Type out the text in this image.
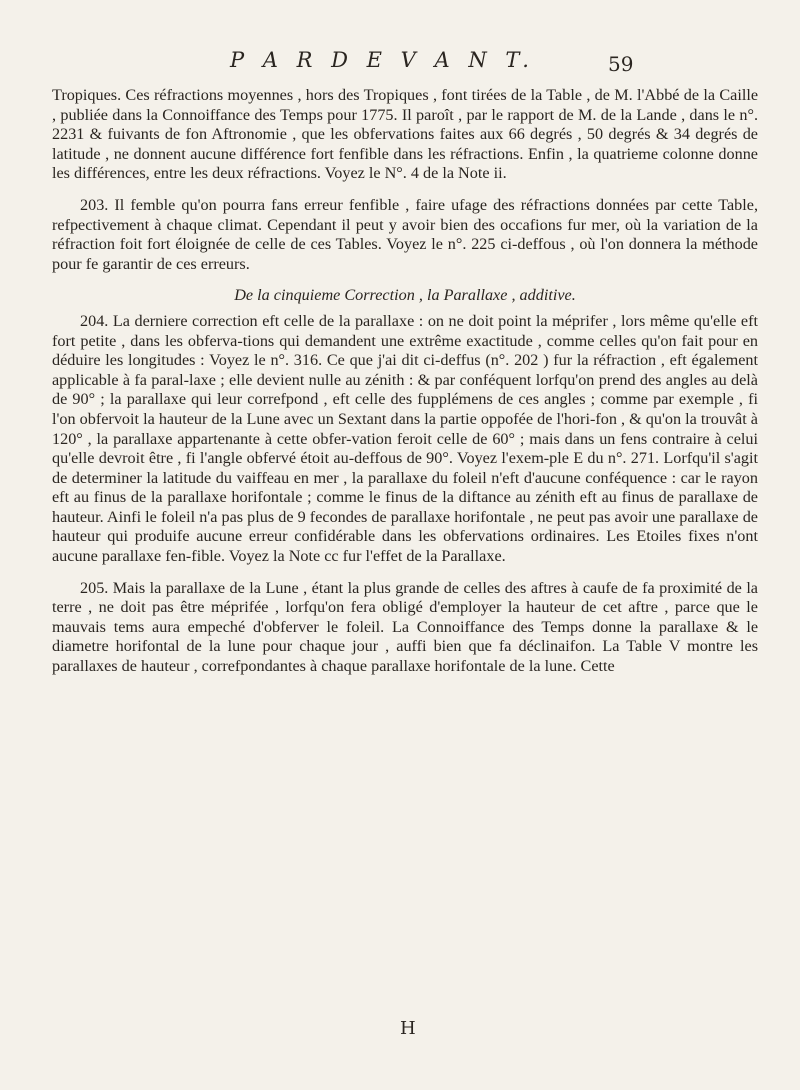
P A R D E V A N T.	59

Tropiques. Ces réfractions moyennes , hors des Tropiques , font tirées de la Table , de M. l'Abbé de la Caille , publiée dans la Connoiffance des Temps pour 1775. Il paroît , par le rapport de M. de la Lande , dans le n°. 2231 & fuivants de fon Aftronomie , que les obfervations faites aux 66 degrés , 50 degrés & 34 degrés de latitude , ne donnent aucune différence fort fenfible dans les réfractions. Enfin , la quatrieme colonne donne les différences, entre les deux réfractions. Voyez le N°. 4 de la Note ii.

203. Il femble qu'on pourra fans erreur fenfible , faire ufage des réfractions données par cette Table, refpectivement à chaque climat. Cependant il peut y avoir bien des occafions fur mer, où la variation de la réfraction foit fort éloignée de celle de ces Tables. Voyez le n°. 225 ci-deffous , où l'on donnera la méthode pour fe garantir de ces erreurs.

De la cinquieme Correction , la Parallaxe , additive.

204. La derniere correction eft celle de la parallaxe : on ne doit point la méprifer , lors même qu'elle eft fort petite , dans les obferva-tions qui demandent une extrême exactitude , comme celles qu'on fait pour en déduire les longitudes : Voyez le n°. 316. Ce que j'ai dit ci-deffus (n°. 202 ) fur la réfraction , eft également applicable à fa paral-laxe ; elle devient nulle au zénith : & par conféquent lorfqu'on prend des angles au delà de 90° ; la parallaxe qui leur correfpond , eft celle des fupplémens de ces angles ; comme par exemple , fi l'on obfervoit la hauteur de la Lune avec un Sextant dans la partie oppofée de l'hori-fon , & qu'on la trouvât à 120° , la parallaxe appartenante à cette obfer-vation feroit celle de 60° ; mais dans un fens contraire à celui qu'elle devroit être , fi l'angle obfervé étoit au-deffous de 90°. Voyez l'exem-ple E du n°. 271. Lorfqu'il s'agit de determiner la latitude du vaiffeau en mer , la parallaxe du foleil n'eft d'aucune conféquence : car le rayon eft au finus de la parallaxe horifontale ; comme le finus de la diftance au zénith eft au finus de parallaxe de hauteur. Ainfi le foleil n'a pas plus de 9 fecondes de parallaxe horifontale , ne peut pas avoir une parallaxe de hauteur qui produife aucune erreur confidérable dans les obfervations ordinaires. Les Etoiles fixes n'ont aucune parallaxe fen-fible. Voyez la Note cc fur l'effet de la Parallaxe.

205. Mais la parallaxe de la Lune , étant la plus grande de celles des aftres à caufe de fa proximité de la terre , ne doit pas être méprifée , lorfqu'on fera obligé d'employer la hauteur de cet aftre , parce que le mauvais tems aura empeché d'obferver le foleil. La Connoiffance des Temps donne la parallaxe & le diametre horifontal de la lune pour chaque jour , auffi bien que fa déclinaifon. La Table V montre les parallaxes de hauteur , correfpondantes à chaque parallaxe horifontale de la lune. Cette

H
